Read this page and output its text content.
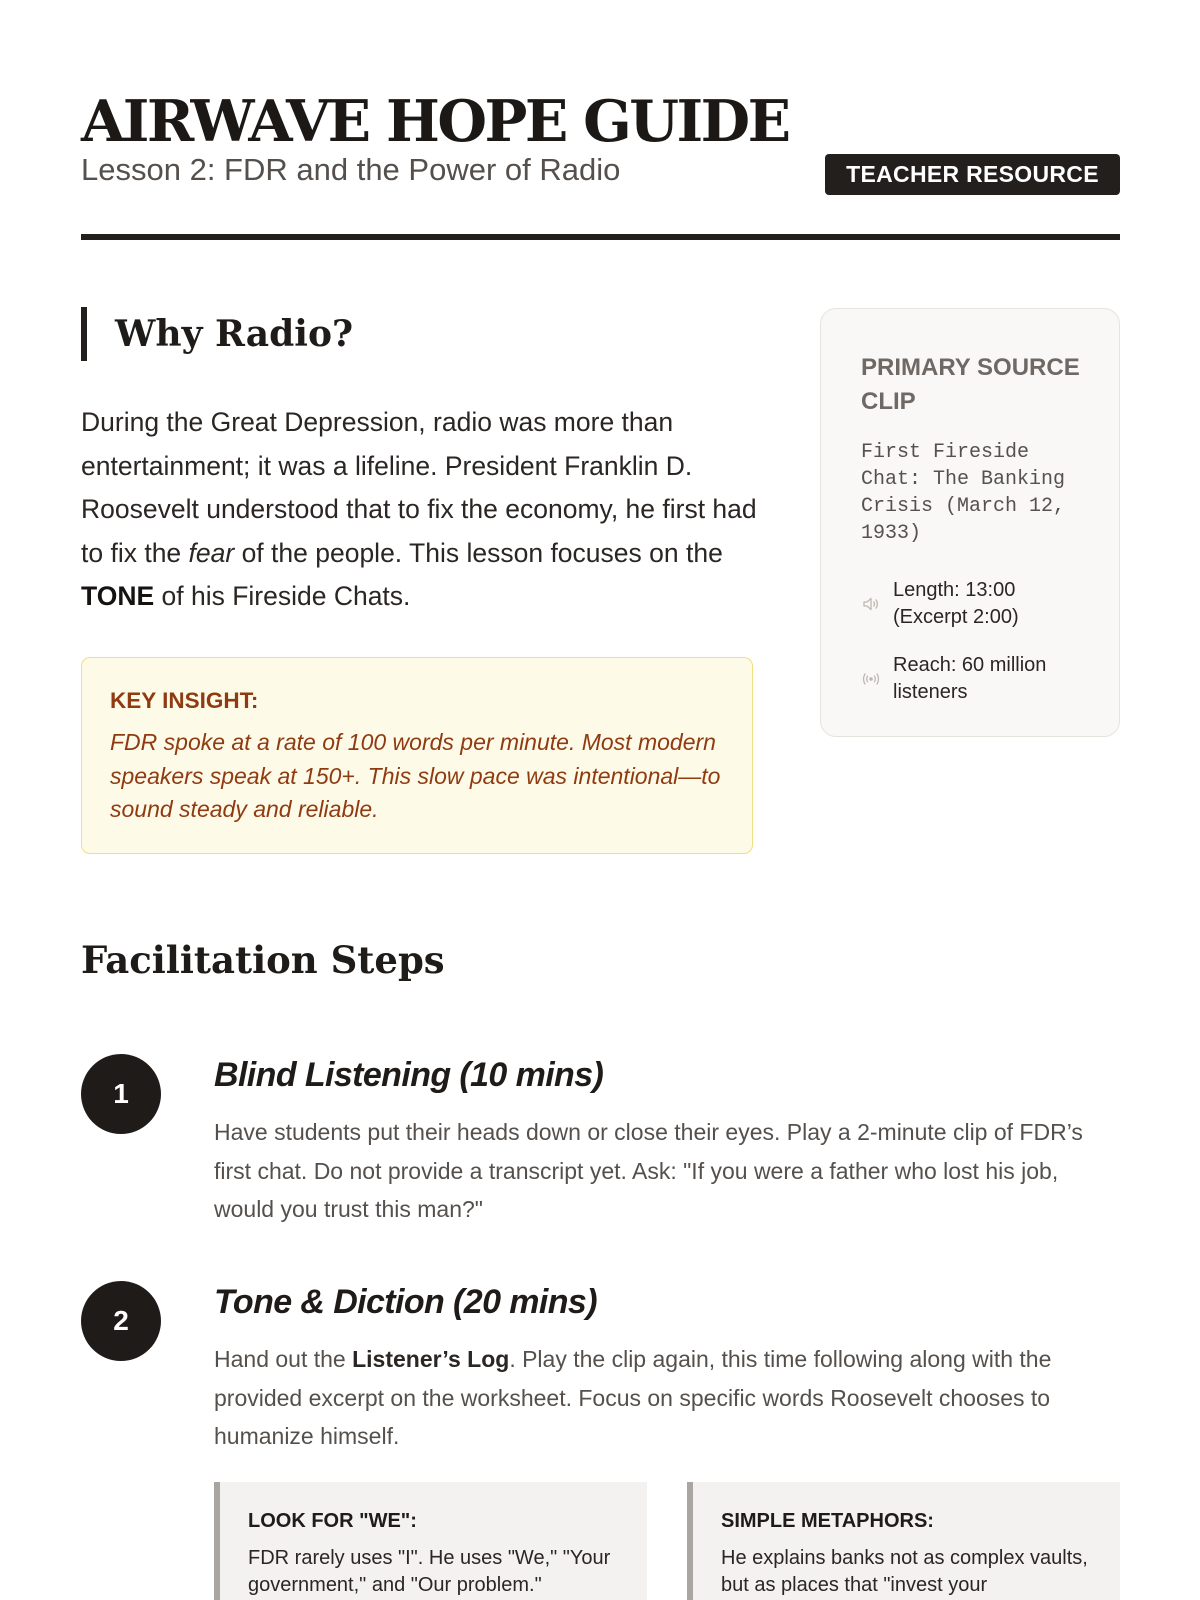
AIRWAVE HOPE GUIDE
Lesson 2: FDR and the Power of Radio	TEACHER RESOURCE
Why Radio?

During the Great Depression, radio was more than entertainment; it was a lifeline. President Franklin D. Roosevelt understood that to fix the economy, he first had to fix the fear of the people. This lesson focuses on the TONE of his Fireside Chats.

KEY INSIGHT:
FDR spoke at a rate of 100 words per minute. Most modern speakers speak at 150+. This slow pace was intentional—to sound steady and reliable.
PRIMARY SOURCE CLIP
First Fireside Chat: The Banking Crisis (March 12, 1933)
Length: 13:00 (Excerpt 2:00)
Reach: 60 million listeners
Facilitation Steps
1	Blind Listening (10 mins)

Have students put their heads down or close their eyes. Play a 2-minute clip of FDR’s first chat. Do not provide a transcript yet. Ask: "If you were a father who lost his job, would you trust this man?"

2	Tone & Diction (20 mins)

Hand out the Listener’s Log. Play the clip again, this time following along with the provided excerpt on the worksheet. Focus on specific words Roosevelt chooses to humanize himself.

LOOK FOR "WE":
FDR rarely uses "I". He uses "We," "Your government," and "Our problem."
SIMPLE METAPHORS:
He explains banks not as complex vaults, but as places that "invest your
